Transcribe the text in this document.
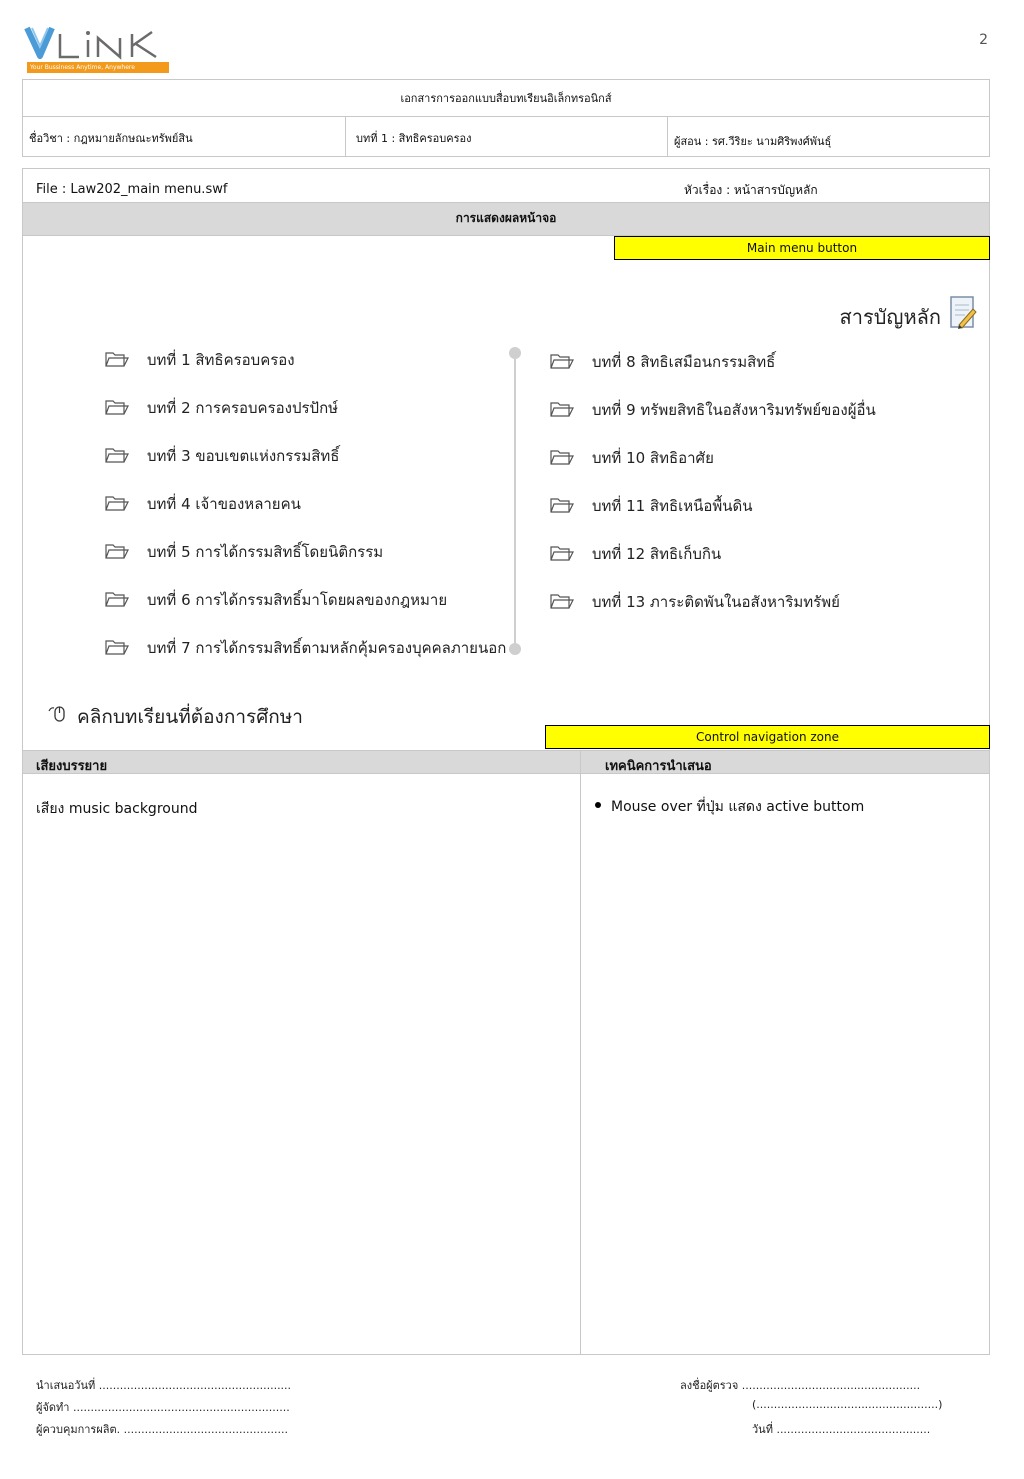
Your Bussiness Anytime, Anywhere
2
เอกสารการออกแบบสื่อบทเรียนอิเล็กทรอนิกส์
ชื่อวิชา : กฎหมายลักษณะทรัพย์สิน	บทที่ 1 : สิทธิครอบครอง	ผู้สอน : รศ.วีริยะ นามศิริพงศ์พันธุ์
File : Law202_main menu.swf	หัวเรื่อง : หน้าสารบัญหลัก
การแสดงผลหน้าจอ
Main menu button
สารบัญหลัก
บทที่ 1 สิทธิครอบครอง
บทที่ 2 การครอบครองปรปักษ์
บทที่ 3 ขอบเขตแห่งกรรมสิทธิ์
บทที่ 4 เจ้าของหลายคน
บทที่ 5 การได้กรรมสิทธิ์โดยนิติกรรม
บทที่ 6 การได้กรรมสิทธิ์มาโดยผลของกฎหมาย
บทที่ 7 การได้กรรมสิทธิ์ตามหลักคุ้มครองบุคคลภายนอก
บทที่ 8 สิทธิเสมือนกรรมสิทธิ์
บทที่ 9 ทรัพยสิทธิในอสังหาริมทรัพย์ของผู้อื่น
บทที่ 10 สิทธิอาศัย
บทที่ 11 สิทธิเหนือพื้นดิน
บทที่ 12 สิทธิเก็บกิน
บทที่ 13 ภาระติดพันในอสังหาริมทรัพย์
คลิกบทเรียนที่ต้องการศึกษา
Control navigation zone
เสียงบรรยาย	เทคนิคการนำเสนอ
เสียง music background	Mouse over ที่ปุ่ม แสดง active buttom
นำเสนอวันที่ .......................................................
ผู้จัดทำ ..............................................................
ผู้ควบคุมการผลิต. ...............................................
ลงชื่อผู้ตรวจ ...................................................
(....................................................)
วันที่ ............................................
